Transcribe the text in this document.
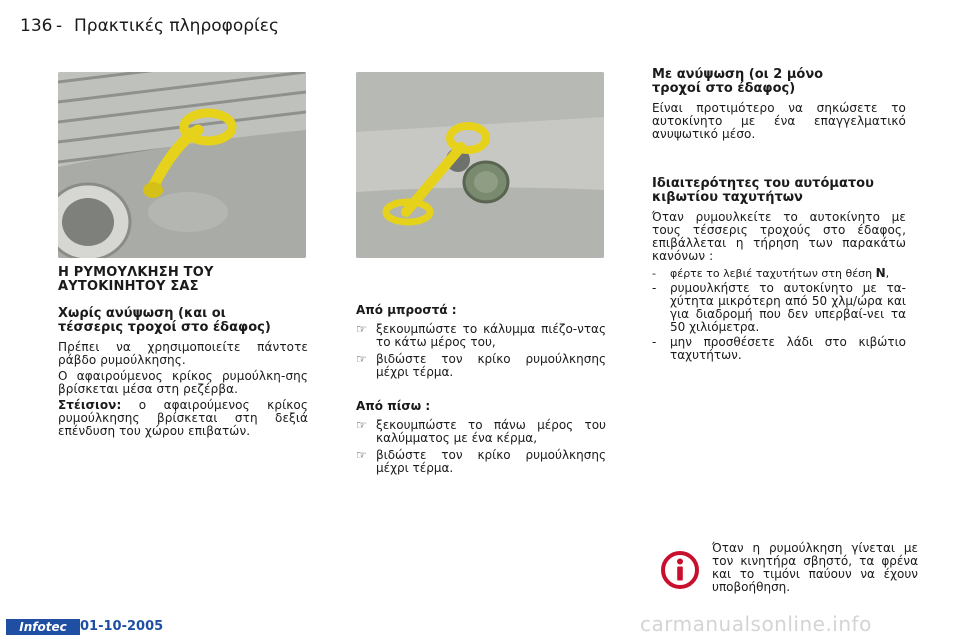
136 - Πρακτικές πληροφορίες
Η ΡΥΜΟΥΛΚΗΣΗ ΤΟΥ
ΑΥΤΟΚΙΝΗΤΟΥ ΣΑΣ
Χωρίς ανύψωση (και οι
τέσσερις τροχοί στο έδαφος)

Πρέπει να χρησιμοποιείτε πάντοτε ράβδο ρυμούλκησης.

Ο αφαιρούμενος κρίκος ρυμούλκη-σης βρίσκεται μέσα στη ρεζέρβα.

Στέισιον: ο αφαιρούμενος κρίκος ρυμούλκησης βρίσκεται στη δεξιά επένδυση του χώρου επιβατών.

Από μπροστά :

☞ ξεκουμπώστε το κάλυμμα πιέζο-ντας το κάτω μέρος του,
☞ βιδώστε τον κρίκο ρυμούλκησης μέχρι τέρμα.

Από πίσω :

☞ ξεκουμπώστε το πάνω μέρος του καλύμματος με ένα κέρμα,
☞ βιδώστε τον κρίκο ρυμούλκησης μέχρι τέρμα.
Με ανύψωση (οι 2 μόνο
τροχοί στο έδαφος)

Είναι προτιμότερο να σηκώσετε το αυτοκίνητο με ένα επαγγελματικό ανυψωτικό μέσο.

Ιδιαιτερότητες του αυτόματου
κιβωτίου ταχυτήτων

Όταν ρυμουλκείτε το αυτοκίνητο με τους τέσσερις τροχούς στο έδαφος, επιβάλλεται η τήρηση των παρακάτω κανόνων :

- φέρτε το λεβιέ ταχυτήτων στη θέση N,
- ρυμουλκήστε το αυτοκίνητο με τα-χύτητα μικρότερη από 50 χλμ/ώρα και για διαδρομή που δεν υπερβαί-νει τα 50 χιλιόμετρα.
- μην προσθέσετε λάδι στο κιβώτιο ταχυτήτων.

Όταν η ρυμούλκηση γίνεται με τον κινητήρα σβηστό, τα φρένα και το τιμόνι παύουν να έχουν υποβοήθηση.

Infotec	01-10-2005	carmanualsonline.info
